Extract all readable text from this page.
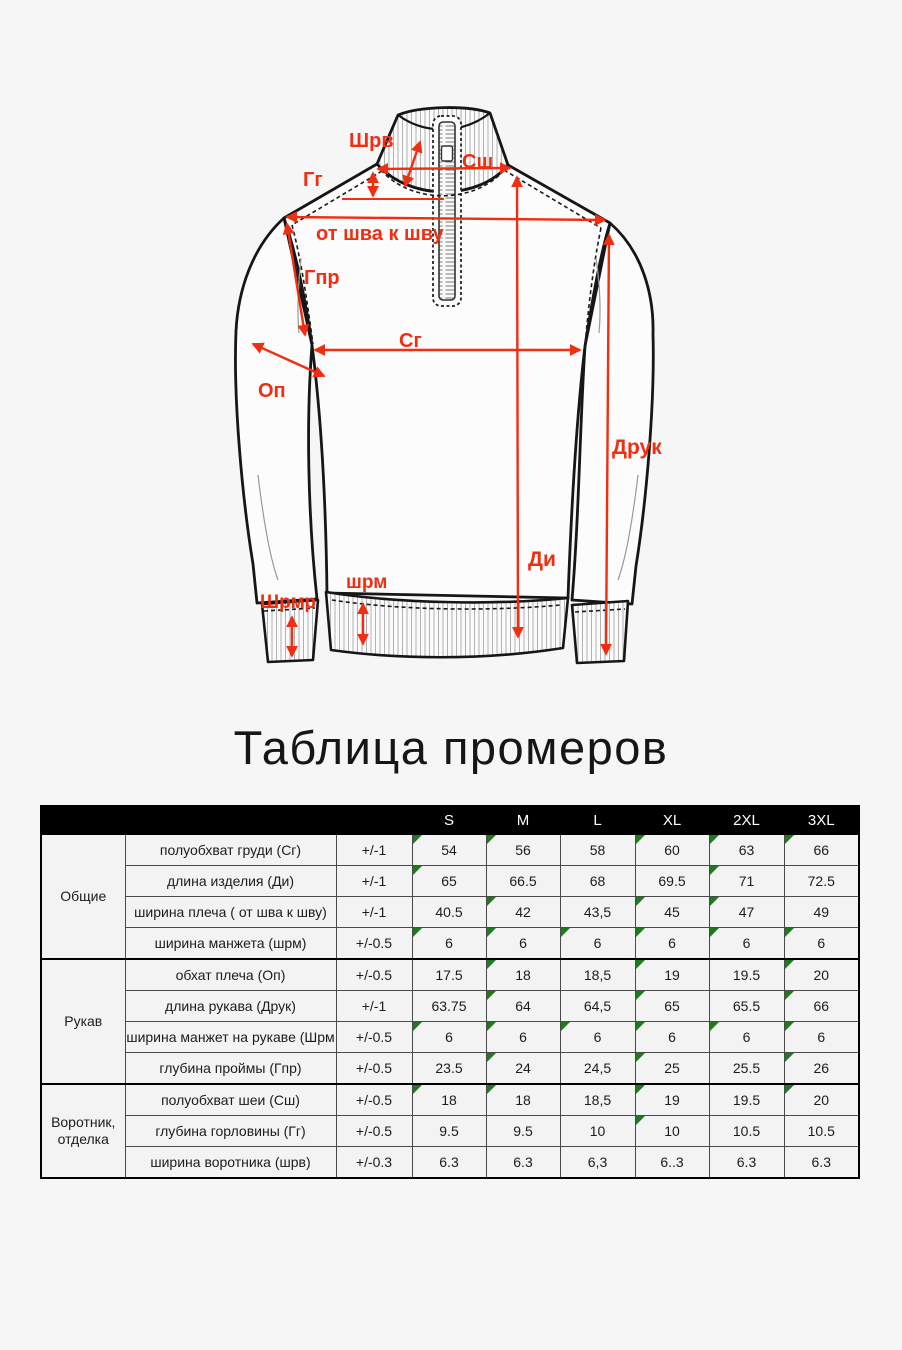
Шрв
Сш
Гг
от шва к шву
Гпр
Сг
Оп
Друк
Ди
шрм
Шрмр
Таблица промеров
			S	M	L	XL	2XL	3XL
Общие	полуобхват груди (Сг)	+/-1	54	56	58	60	63	66
	длина изделия (Ди)	+/-1	65	66.5	68	69.5	71	72.5
	ширина плеча ( от шва к шву)	+/-1	40.5	42	43,5	45	47	49
	ширина манжета (шрм)	+/-0.5	6	6	6	6	6	6
Рукав	обхат плеча (Оп)	+/-0.5	17.5	18	18,5	19	19.5	20
	длина рукава (Друк)	+/-1	63.75	64	64,5	65	65.5	66
	ширина манжет на рукаве (Шрм	+/-0.5	6	6	6	6	6	6
	глубина проймы (Гпр)	+/-0.5	23.5	24	24,5	25	25.5	26
Воротник, отделка	полуобхват шеи (Сш)	+/-0.5	18	18	18,5	19	19.5	20
	глубина горловины (Гг)	+/-0.5	9.5	9.5	10	10	10.5	10.5
	ширина воротника (шрв)	+/-0.3	6.3	6.3	6,3	6..3	6.3	6.3
